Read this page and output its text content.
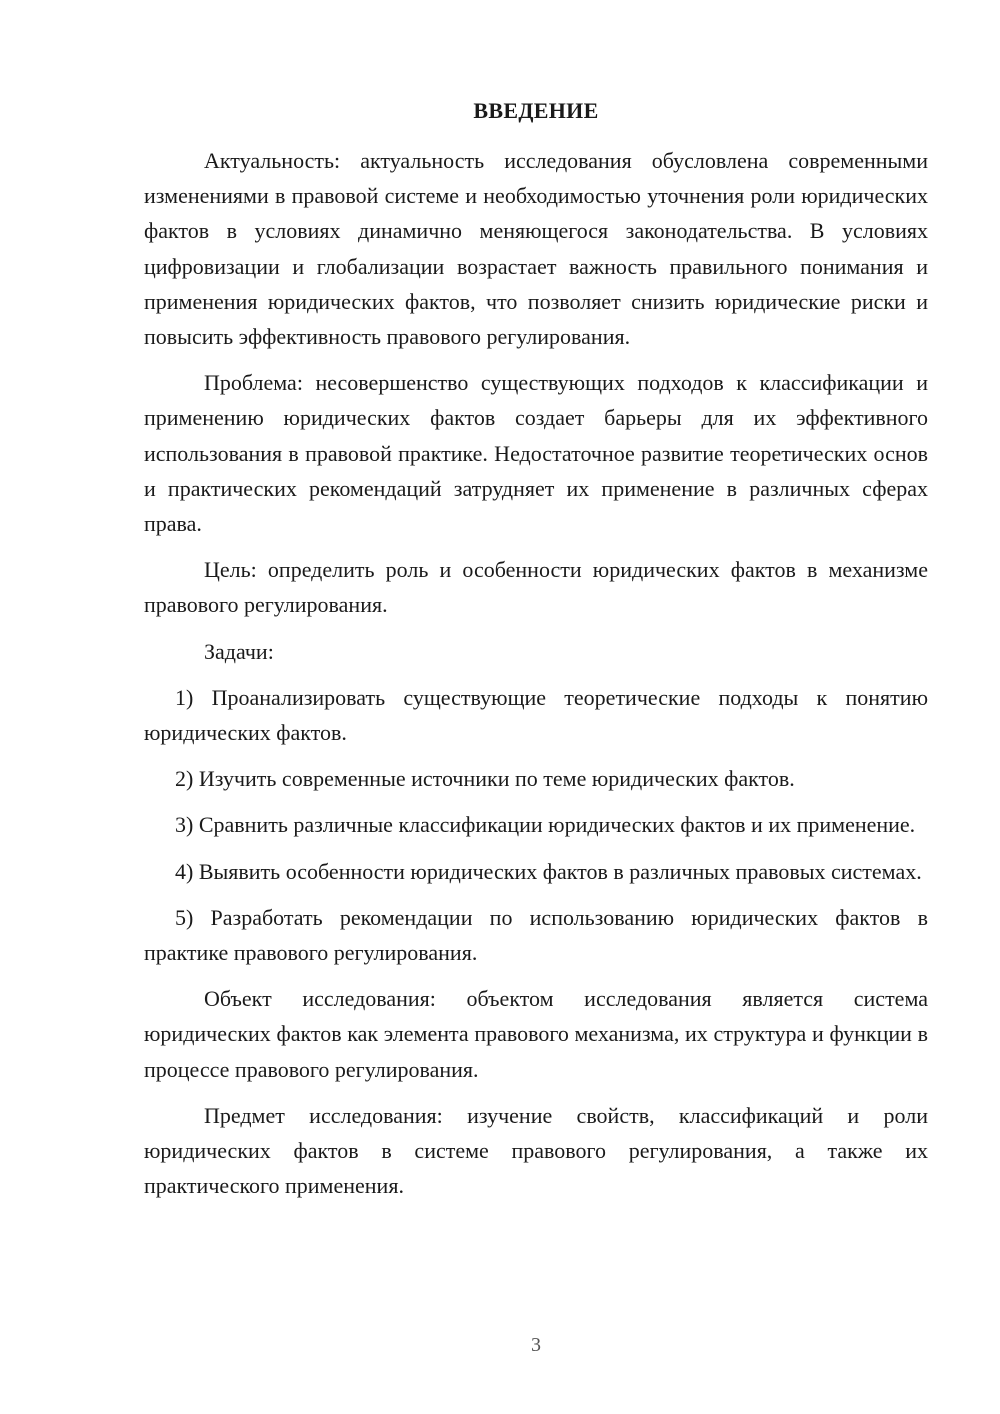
ВВЕДЕНИЕ

Актуальность: актуальность исследования обусловлена современными изменениями в правовой системе и необходимостью уточнения роли юридических фактов в условиях динамично меняющегося законодательства. В условиях цифровизации и глобализации возрастает важность правильного понимания и применения юридических фактов, что позволяет снизить юридические риски и повысить эффективность правового регулирования.

Проблема: несовершенство существующих подходов к классификации и применению юридических фактов создает барьеры для их эффективного использования в правовой практике. Недостаточное развитие теоретических основ и практических рекомендаций затрудняет их применение в различных сферах права.

Цель: определить роль и особенности юридических фактов в механизме правового регулирования.

Задачи:

1) Проанализировать существующие теоретические подходы к понятию юридических фактов.

2) Изучить современные источники по теме юридических фактов.

3) Сравнить различные классификации юридических фактов и их применение.

4) Выявить особенности юридических фактов в различных правовых системах.

5) Разработать рекомендации по использованию юридических фактов в практике правового регулирования.

Объект исследования: объектом исследования является система юридических фактов как элемента правового механизма, их структура и функции в процессе правового регулирования.

Предмет исследования: изучение свойств, классификаций и роли юридических фактов в системе правового регулирования, а также их практического применения.

3
